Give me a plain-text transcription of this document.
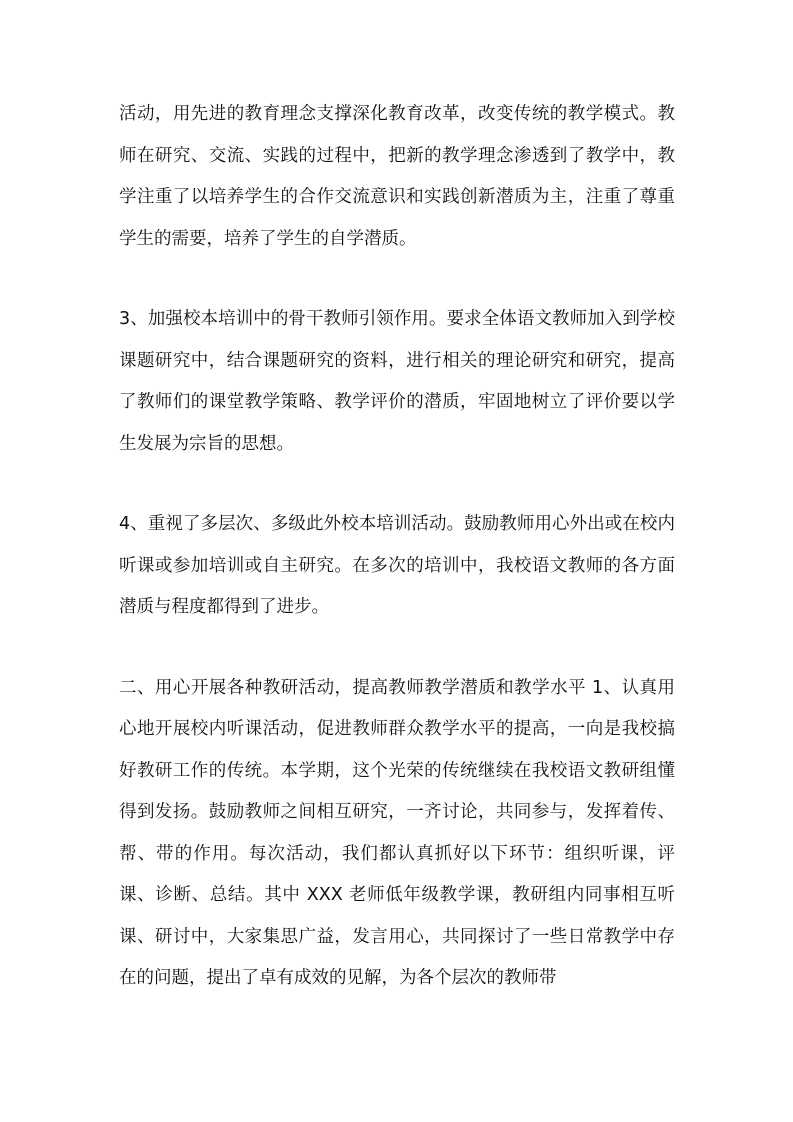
活动，用先进的教育理念支撑深化教育改革，改变传统的教学模式。教师在研究、交流、实践的过程中，把新的教学理念渗透到了教学中，教学注重了以培养学生的合作交流意识和实践创新潜质为主，注重了尊重学生的需要，培养了学生的自学潜质。

3、加强校本培训中的骨干教师引领作用。要求全体语文教师加入到学校课题研究中，结合课题研究的资料，进行相关的理论研究和研究，提高了教师们的课堂教学策略、教学评价的潜质，牢固地树立了评价要以学生发展为宗旨的思想。

4、重视了多层次、多级此外校本培训活动。鼓励教师用心外出或在校内听课或参加培训或自主研究。在多次的培训中，我校语文教师的各方面潜质与程度都得到了进步。

二、用心开展各种教研活动，提高教师教学潜质和教学水平 1、认真用心地开展校内听课活动，促进教师群众教学水平的提高，一向是我校搞好教研工作的传统。本学期，这个光荣的传统继续在我校语文教研组懂得到发扬。鼓励教师之间相互研究，一齐讨论，共同参与，发挥着传、帮、带的作用。每次活动，我们都认真抓好以下环节：组织听课，评课、诊断、总结。其中 XXX 老师低年级教学课，教研组内同事相互听课、研讨中，大家集思广益，发言用心，共同探讨了一些日常教学中存在的问题，提出了卓有成效的见解，为各个层次的教师带
